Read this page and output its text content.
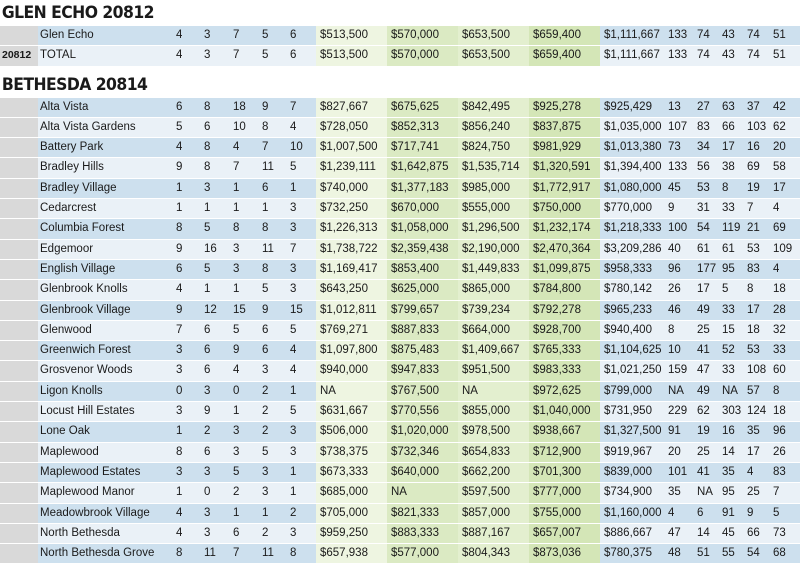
GLEN ECHO 20812
Glen Echo	4 3 7 5 6	$513,500	$570,000	$653,500	$659,400	$1,111,667 133 74 43 74 51
20812 TOTAL	4 3 7 5 6	$513,500	$570,000	$653,500	$659,400	$1,111,667 133 74 43 74 51
BETHESDA 20814
Alta Vista	6 8 18 9 7	$827,667	$675,625	$842,495	$925,278	$925,429	13 27 63 37 42
Alta Vista Gardens	5 6 10 8 4	$728,050	$852,313	$856,240	$837,875	$1,035,000 107 83 66 103 62
Battery Park	4 8 4 7 10	$1,007,500	$717,741	$824,750	$981,929	$1,013,380 73 34 17 16 20
Bradley Hills	9 8 7 11 5	$1,239,111	$1,642,875	$1,535,714	$1,320,591	$1,394,400 133 56 38 69 58
Bradley Village	1 3 1 6 1	$740,000	$1,377,183	$985,000	$1,772,917	$1,080,000 45 53 8 19 17
Cedarcrest	1 1 1 1 3	$732,250	$670,000	$555,000	$750,000	$770,000	9 31 33 7 4
Columbia Forest	8 5 8 8 3	$1,226,313	$1,058,000	$1,296,500	$1,232,174	$1,218,333 100 54 119 21 69
Edgemoor	9 16 3 11 7	$1,738,722	$2,359,438	$2,190,000	$2,470,364	$3,209,286 40 61 61 53 109
English Village	6 5 3 8 3	$1,169,417	$853,400	$1,449,833	$1,099,875	$958,333	96 177 95 83 4
Glenbrook Knolls	4 1 1 5 3	$643,250	$625,000	$865,000	$784,800	$780,142	26 17 5 8 18
Glenbrook Village	9 12 15 9 15	$1,012,811	$799,657	$739,234	$792,278	$965,233	46 49 33 17 28
Glenwood	7 6 5 6 5	$769,271	$887,833	$664,000	$928,700	$940,400	8 25 15 18 32
Greenwich Forest	3 6 9 6 4	$1,097,800	$875,483	$1,409,667	$765,333	$1,104,625 10 41 52 53 33
Grosvenor Woods	3 6 4 3 4	$940,000	$947,833	$951,500	$983,333	$1,021,250 159 47 33 108 60
Ligon Knolls	0 3 0 2 1	NA	$767,500	NA	$972,625	$799,000	NA 49 NA 57 8
Locust Hill Estates	3 9 1 2 5	$631,667	$770,556	$855,000	$1,040,000	$731,950	229 62 303 124 18
Lone Oak	1 2 3 2 3	$506,000	$1,020,000	$978,500	$938,667	$1,327,500 91 19 16 35 96
Maplewood	8 6 3 5 3	$738,375	$732,346	$654,833	$712,900	$919,967	20 25 14 17 26
Maplewood Estates	3 3 5 3 1	$673,333	$640,000	$662,200	$701,300	$839,000	101 41 35 4 83
Maplewood Manor	1 0 2 3 1	$685,000	NA	$597,500	$777,000	$734,900	35 NA 95 25 7
Meadowbrook Village	4 3 1 1 2	$705,000	$821,333	$857,000	$755,000	$1,160,000 4 6 91 9 5
North Bethesda	4 3 6 2 3	$959,250	$883,333	$887,167	$657,007	$886,667	47 14 45 66 73
North Bethesda Grove	8 11 7 11 8	$657,938	$577,000	$804,343	$873,036	$780,375	48 51 55 54 68
